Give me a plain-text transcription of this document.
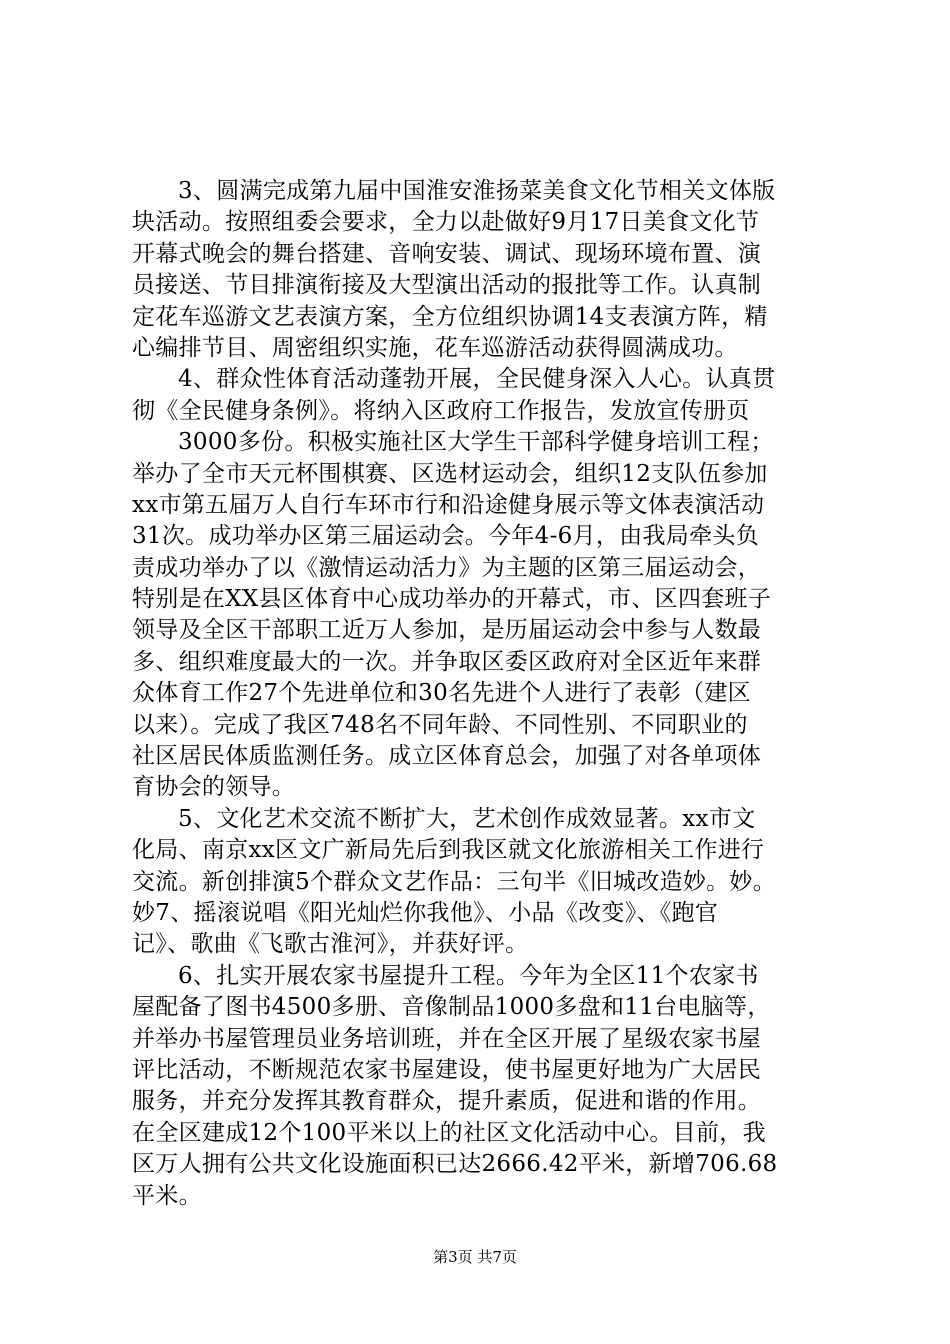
3、圆满完成第九届中国淮安淮扬菜美食文化节相关文体版
块活动。按照组委会要求，全力以赴做好9月17日美食文化节
开幕式晚会的舞台搭建、音响安装、调试、现场环境布置、演
员接送、节目排演衔接及大型演出活动的报批等工作。认真制
定花车巡游文艺表演方案，全方位组织协调14支表演方阵，精
心编排节目、周密组织实施，花车巡游活动获得圆满成功。
4、群众性体育活动蓬勃开展，全民健身深入人心。认真贯
彻《全民健身条例》。将纳入区政府工作报告，发放宣传册页
3000多份。积极实施社区大学生干部科学健身培训工程；
举办了全市天元杯围棋赛、区选材运动会，组织12支队伍参加
xx市第五届万人自行车环市行和沿途健身展示等文体表演活动
31次。成功举办区第三届运动会。今年4-6月，由我局牵头负
责成功举办了以《激情运动活力》为主题的区第三届运动会，
特别是在XX县区体育中心成功举办的开幕式，市、区四套班子
领导及全区干部职工近万人参加，是历届运动会中参与人数最
多、组织难度最大的一次。并争取区委区政府对全区近年来群
众体育工作27个先进单位和30名先进个人进行了表彰（建区
以来）。完成了我区748名不同年龄、不同性别、不同职业的
社区居民体质监测任务。成立区体育总会，加强了对各单项体
育协会的领导。
5、文化艺术交流不断扩大，艺术创作成效显著。xx市文
化局、南京xx区文广新局先后到我区就文化旅游相关工作进行
交流。新创排演5个群众文艺作品：三句半《旧城改造妙。妙。
妙7、摇滚说唱《阳光灿烂你我他》、小品《改变》、《跑官
记》、歌曲《飞歌古淮河》，并获好评。
6、扎实开展农家书屋提升工程。今年为全区11个农家书
屋配备了图书4500多册、音像制品1000多盘和11台电脑等，
并举办书屋管理员业务培训班，并在全区开展了星级农家书屋
评比活动，不断规范农家书屋建设，使书屋更好地为广大居民
服务，并充分发挥其教育群众，提升素质，促进和谐的作用。
在全区建成12个100平米以上的社区文化活动中心。目前，我
区万人拥有公共文化设施面积已达2666.42平米，新增706.68
平米。
第3页 共7页
